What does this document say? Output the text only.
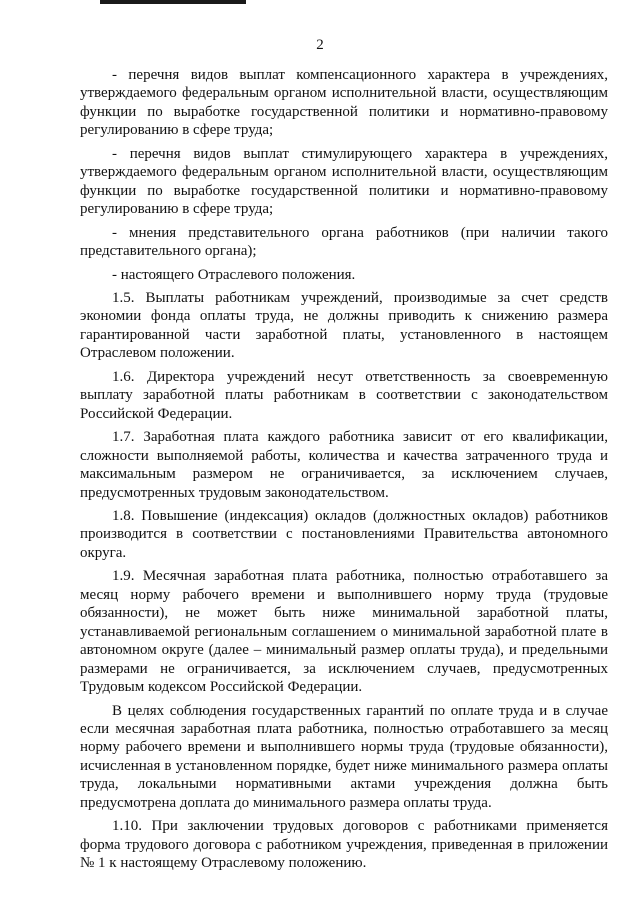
2

- перечня видов выплат компенсационного характера в учреждениях, утверждаемого федеральным органом исполнительной власти, осуществляющим функции по выработке государственной политики и нормативно-правовому регулированию в сфере труда;

- перечня видов выплат стимулирующего характера в учреждениях, утверждаемого федеральным органом исполнительной власти, осуществляющим функции по выработке государственной политики и нормативно-правовому регулированию в сфере труда;

- мнения представительного органа работников (при наличии такого представительного органа);

- настоящего Отраслевого положения.

1.5. Выплаты работникам учреждений, производимые за счет средств экономии фонда оплаты труда, не должны приводить к снижению размера гарантированной части заработной платы, установленного в настоящем Отраслевом положении.

1.6. Директора учреждений несут ответственность за своевременную выплату заработной платы работникам в соответствии с законодательством Российской Федерации.

1.7. Заработная плата каждого работника зависит от его квалификации, сложности выполняемой работы, количества и качества затраченного труда и максимальным размером не ограничивается, за исключением случаев, предусмотренных трудовым законодательством.

1.8. Повышение (индексация) окладов (должностных окладов) работников производится в соответствии с постановлениями Правительства автономного округа.

1.9. Месячная заработная плата работника, полностью отработавшего за месяц норму рабочего времени и выполнившего норму труда (трудовые обязанности), не может быть ниже минимальной заработной платы, устанавливаемой региональным соглашением о минимальной заработной плате в автономном округе (далее – минимальный размер оплаты труда), и предельными размерами не ограничивается, за исключением случаев, предусмотренных Трудовым кодексом Российской Федерации.

В целях соблюдения государственных гарантий по оплате труда и в случае если месячная заработная плата работника, полностью отработавшего за месяц норму рабочего времени и выполнившего нормы труда (трудовые обязанности), исчисленная в установленном порядке, будет ниже минимального размера оплаты труда, локальными нормативными актами учреждения должна быть предусмотрена доплата до минимального размера оплаты труда.

1.10. При заключении трудовых договоров с работниками применяется форма трудового договора с работником учреждения, приведенная в приложении № 1 к настоящему Отраслевому положению.
